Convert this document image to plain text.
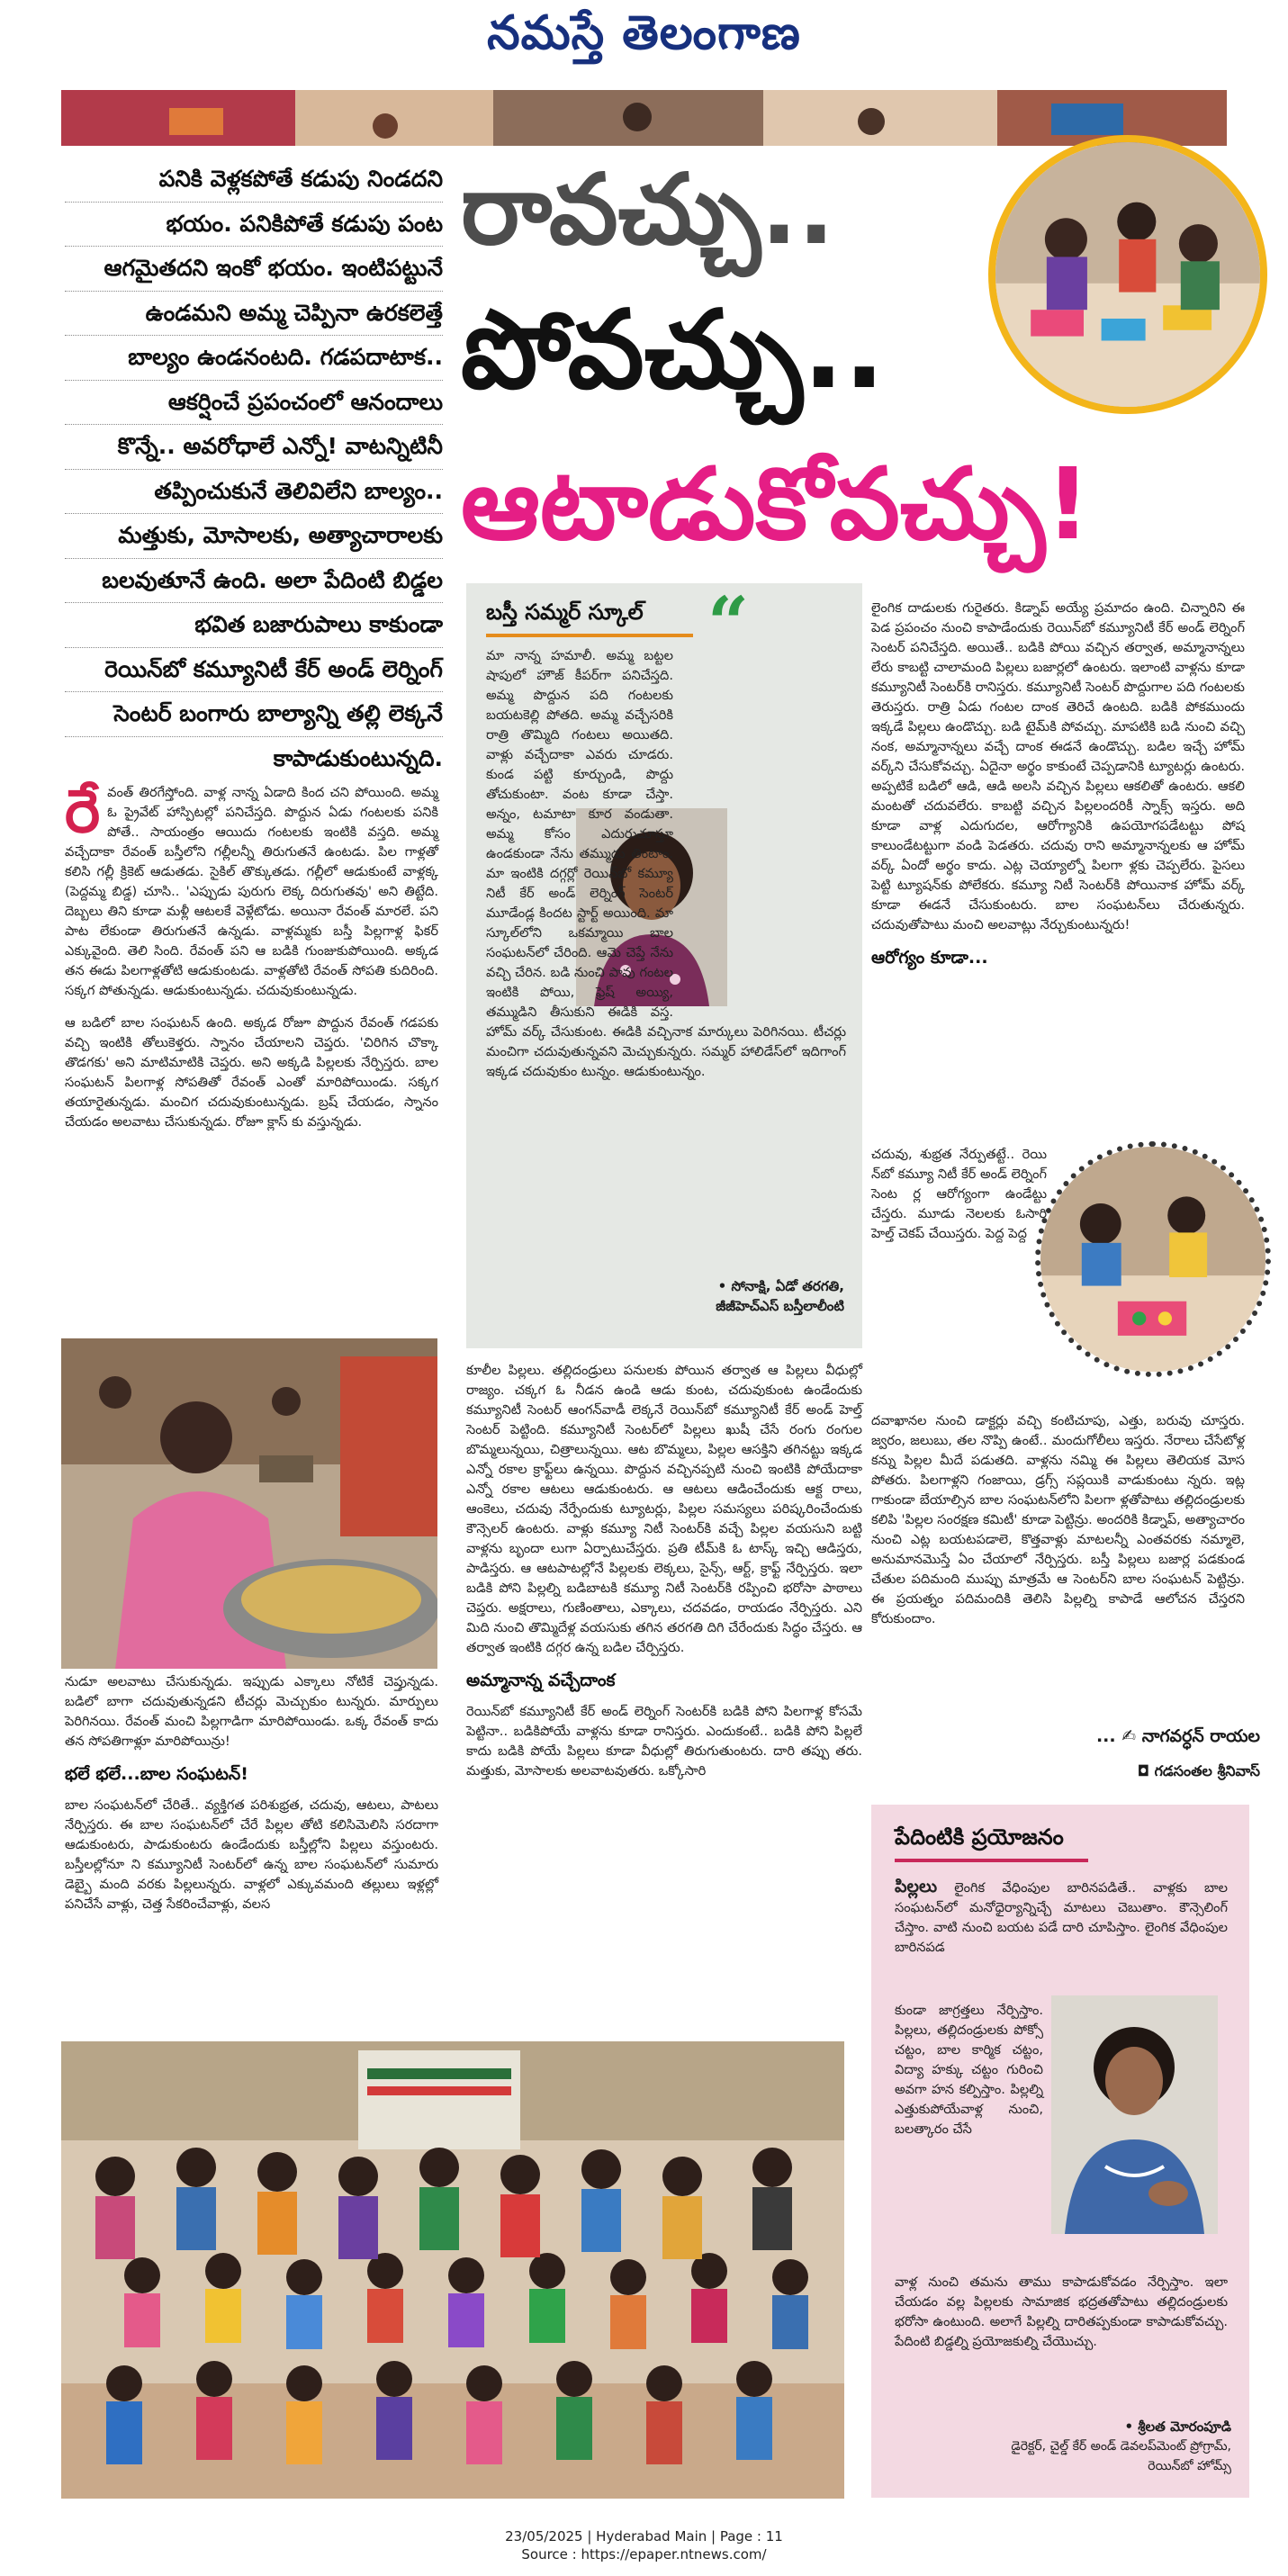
నమస్తే తెలంగాణ

పనికి వెళ్లకపోతే కడుపు నిండదని

భయం. పనికిపోతే కడుపు పంట

ఆగమైతదని ఇంకో భయం. ఇంటిపట్టునే

ఉండమని అమ్మ చెప్పినా ఉరకలెత్తే

బాల్యం ఉండనంటది. గడపదాటాక..

ఆకర్షించే ప్రపంచంలో ఆనందాలు

కొన్నే.. అవరోధాలే ఎన్నో! వాటన్నిటినీ

తప్పించుకునే తెలివిలేని బాల్యం..

మత్తుకు, మోసాలకు, అత్యాచారాలకు

బలవుతూనే ఉంది. అలా పేదింటి బిడ్డల

భవిత బజారుపాలు కాకుండా

రెయిన్‌బో కమ్యూనిటీ కేర్ అండ్ లెర్నింగ్

సెంటర్ బంగారు బాల్యాన్ని తల్లి లెక్కనే

కాపాడుకుంటున్నది.

రావచ్చు..
పోవచ్చు..
ఆటాడుకోవచ్చు!

రేవంత్ తిరగేస్తోంది. వాళ్ల నాన్న ఏడాది కింద చని పోయింది. అమ్మ ఓ ప్రైవేట్ హాస్పిటల్లో పనిచేస్తది. పొద్దున ఏడు గంటలకు పనికి పోతే.. సాయంత్రం ఆయిదు గంటలకు ఇంటికి వస్తది. అమ్మ వచ్చేదాకా రేవంత్ బస్తీలోని గల్లీలన్నీ తిరుగుతనే ఉంటడు. పిల గాళ్లతో కలిసి గల్లీ క్రికెట్ ఆడుతడు. సైకిల్ తొక్కుతడు. గల్లీలో ఆడుకుంటే వాళ్లక్క (పెద్దమ్మ బిడ్డ) చూసి.. 'ఎప్పుడు పురుగు లెక్క దిరుగుతవు' అని తిట్టేది. దెబ్బలు తిని కూడా మళ్లీ ఆటలకే వెళ్లేటోడు. అయినా రేవంత్ మారలే. పని పాట లేకుండా తిరుగుతనే ఉన్నడు. వాళ్లమ్మకు బస్తీ పిల్లగాళ్ల ఫికర్ ఎక్కువైంది. తెలి సింది. రేవంత్ పని ఆ బడికి గుంజుకుపోయింది. అక్కడ తన ఈడు పిలగాళ్లతోటి ఆడుకుంటడు. వాళ్లతోటి రేవంత్ సోపతి కుదిరింది. సక్కగ పోతున్నడు. ఆడుకుంటున్నడు. చదువుకుంటున్నడు.

ఆ బడిలో బాల సంఘటన్ ఉంది. అక్కడ రోజూ పొద్దున రేవంత్ గడపకు వచ్చి ఇంటికి తోలుకెళ్తరు. స్నానం చేయాలని చెప్తరు. 'చిరిగిన చొక్కా తొడగకు' అని మాటిమాటికి చెప్తరు. అని అక్కడి పిల్లలకు నేర్పిస్తరు. బాల సంఘటన్ పిలగాళ్ల సోపతితో రేవంత్ ఎంతో మారిపోయిండు. సక్కగ తయారైతున్నడు. మంచిగ చదువుకుంటున్నడు. బ్రష్ చేయడం, స్నానం చేయడం అలవాటు చేసుకున్నడు. రోజూ క్లాస్ కు వస్తున్నడు.

నుడూ అలవాటు చేసుకున్నడు. ఇప్పుడు ఎక్కాలు నోటికే చెప్తున్నడు. బడిలో బాగా చదువుతున్నడని టీచర్లు మెచ్చుకుం టున్నరు. మార్పులు పెరిగినయి. రేవంత్ మంచి పిల్లగాడిగా మారిపోయిండు. ఒక్క రేవంత్ కాదు తన సోపతిగాళ్లూ మారిపోయిన్రు!

భలే భలే...బాల సంఘటన్!

బాల సంఘటన్‌లో చేరితే.. వ్యక్తిగత పరిశుభ్రత, చదువు, ఆటలు, పాటలు నేర్పిస్తరు. ఈ బాల సంఘటన్‌లో చేరే పిల్లల తోటి కలిసిమెలిసి సరదాగా ఆడుకుంటరు, పాడుకుంటరు ఉండేందుకు బస్తీల్లోని పిల్లలు వస్తుంటరు. బస్తీలల్లోనూ ని కమ్యూనిటీ సెంటర్‌లో ఉన్న బాల సంఘటన్‌లో సుమారు డెబ్బై మంది వరకు పిల్లలున్నరు. వాళ్లలో ఎక్కువమంది తల్లులు ఇళ్లల్లో పనిచేసే వాళ్లు, చెత్త సేకరించేవాళ్లు, వలస

బస్తీ సమ్మర్ స్కూల్ “

మా నాన్న హమాలీ. అమ్మ బట్టల షాపులో హౌజ్ కీపర్‌గా పనిచేస్తది. అమ్మ పొద్దున పది గంటలకు బయటకెల్లి పోతది. అమ్మ వచ్చేసరికి రాత్రి తొమ్మిది గంటలు అయితది. వాళ్లు వచ్చేదాకా ఎవరు చూడరు. కుండ పట్టి కూర్చుండి, పొద్దు తోచుకుంటా. వంట కూడా చేస్తా. అన్నం, టమాటా కూర వండుతా. అమ్మ కోసం ఎదురుచూస్తూ ఉండకుండా నేను తమ్ముడు తింటాం. మా ఇంటికి దగ్గర్లో రెయిన్‌బో కమ్యూ నిటీ కేర్ అండ్ లెర్నింగ్ సెంటర్ మూడేండ్ల కిందట స్టార్ట్ అయింది. మా స్కూల్‌లోని ఒకమ్మాయి బాల సంఘటన్‌లో చేరింది. ఆమె చెప్తే నేను వచ్చి చేరిన. బడి నుంచి పావు గంటల ఇంటికి పోయి, ఫ్రెష్ అయ్యి, తమ్ముడిని తీసుకుని ఈడికి వస్త. హోమ్ వర్క్ చేసుకుంట. ఈడికి వచ్చినాక మార్కులు పెరిగినయి. టీచర్లు మంచిగా చదువుతున్నవని మెచ్చుకున్నరు. సమ్మర్ హాలిడేస్‌లో ఇదిగాంగ్ ఇక్కడ చదువుకుం టున్నం. ఆడుకుంటున్నం.

• సోనాక్షి, ఏడో తరగతి,
జీజీహెచ్‌ఎస్ బస్తీలాలీంటి

కూలీల పిల్లలు. తల్లిదండ్రులు పనులకు పోయిన తర్వాత ఆ పిల్లలు వీధుల్లో రాజ్యం. చక్కగ ఓ నీడన ఉండి ఆడు కుంట, చదువుకుంట ఉండేందుకు కమ్యూనిటీ సెంటర్‌ ఆంగన్‌వాడీ లెక్కనే రెయిన్‌బో కమ్యూనిటీ కేర్ అండ్ హెల్త్ సెంటర్ పెట్టింది. కమ్యూనిటీ సెంటర్‌లో పిల్లలు ఖుషీ చేసే రంగు రంగుల బొమ్మలున్నయి, చిత్రాలున్నయి. ఆట బొమ్మలు, పిల్లల ఆసక్తిని తగినట్టు ఇక్కడ ఎన్నో రకాల క్రాఫ్ట్‌లు ఉన్నయి. పొద్దున వచ్చినప్పటి నుంచి ఇంటికి పోయేదాకా ఎన్నో రకాల ఆటలు ఆడుకుంటరు. ఆ ఆటలు ఆడించేందుకు ఆక్ట రాలు, ఆంకెలు, చదువు నేర్పేందుకు ట్యూటర్లు, పిల్లల సమస్యలు పరిష్కరించేందుకు కౌన్సెలర్ ఉంటరు. వాళ్లు కమ్యూ నిటీ సెంటర్‌కి వచ్చే పిల్లల వయసుని బట్టి వాళ్లను బృందా లుగా ఏర్పాటుచేస్తరు. ప్రతి టీమ్‌కి ఓ టాస్క్ ఇచ్చి ఆడిస్తరు, పాడిస్తరు. ఆ ఆటపాటల్లోనే పిల్లలకు లెక్కలు, సైన్స్, ఆర్ట్, క్రాఫ్ట్ నేర్పిస్తరు. ఇలా బడికి పోని పిల్లల్ని బడిబాటకి కమ్యూ నిటీ సెంటర్‌కి రప్పించి భరోసా పాఠాలు చెప్తరు. అక్షరాలు, గుణింతాలు, ఎక్కాలు, చదవడం, రాయడం నేర్పిస్తరు. ఎని మిది నుంచి తొమ్మిదేళ్ల వయసుకు తగిన తరగతి దిగి చేరేందుకు సిద్ధం చేస్తరు. ఆ తర్వాత ఇంటికి దగ్గర ఉన్న బడిల చేర్పిస్తరు.

అమ్మానాన్న వచ్చేదాంక

రెయిన్‌బో కమ్యూనిటీ కేర్ అండ్ లెర్నింగ్ సెంటర్‌కి బడికి పోని పిలగాళ్ల కోసమే పెట్టినా.. బడికిపోయే వాళ్లను కూడా రానిస్తరు. ఎందుకంటే.. బడికి పోని పిల్లలే కాదు బడికి పోయే పిల్లలు కూడా వీధుల్లో తిరుగుతుంటరు. దారి తప్పు తరు. మత్తుకు, మోసాలకు అలవాటవుతరు. ఒక్కోసారి

లైంగిక దాడులకు గురైతరు. కిడ్నాప్ అయ్యే ప్రమాదం ఉంది. చిన్నారిని ఈ పెడ ప్రపంచం నుంచి కాపాడేందుకు రెయిన్‌బో కమ్యూనిటీ కేర్ అండ్ లెర్నింగ్ సెంటర్ పనిచేస్తది. అయితే.. బడికి పోయి వచ్చిన తర్వాత, అమ్మానాన్నలు లేరు కాబట్టి చాలామంది పిల్లలు బజార్లలో ఉంటరు. ఇలాంటి వాళ్లను కూడా కమ్యూనిటీ సెంటర్‌కి రానిస్తరు. కమ్యూనిటీ సెంటర్ పొద్దుగాల పది గంటలకు తెరుస్తరు. రాత్రి ఏడు గంటల దాంక తెరిచే ఉంటది. బడికి పోకముందు ఇక్కడే పిల్లలు ఉండొచ్చు. బడి టైమ్‌కి పోవచ్చు. మాపటికి బడి నుంచి వచ్చి నంక, అమ్మానాన్నలు వచ్చే దాంక ఈడనే ఉండొచ్చు. బడిల ఇచ్చే హోమ్ వర్క్‌ని చేసుకోవచ్చు. ఏదైనా అర్థం కాకుంటే చెప్పడానికి ట్యూటర్లు ఉంటరు. అప్పటికే బడిలో ఆడి, ఆడి అలసి వచ్చిన పిల్లలు ఆకలితో ఉంటరు. ఆకలి మంటతో చదువలేరు. కాబట్టి వచ్చిన పిల్లలందరికీ స్నాక్స్ ఇస్తరు. అది కూడా వాళ్ల ఎదుగుదల, ఆరోగ్యానికి ఉపయోగపడేటట్టు పోష కాలుండేటట్టుగా వండి పెడతరు. చదువు రాని అమ్మానాన్నలకు ఆ హోమ్ వర్క్ ఏందో అర్థం కాదు. ఎట్ల చెయ్యాల్నో పిలగా ళ్లకు చెప్పలేరు. పైసలు పెట్టి ట్యూషన్‌కు పోలేకరు. కమ్యూ నిటీ సెంటర్‌కి పోయినాక హోమ్ వర్క్ కూడా ఈడనే చేసుకుంటరు. బాల సంఘటన్‌లు చేరుతున్నరు. చదువుతోపాటు మంచి అలవాట్లు నేర్చుకుంటున్నరు!

ఆరోగ్యం కూడా...

చదువు, శుభ్రత నేర్పుతట్టే.. రెయి న్‌బో కమ్యూ నిటీ కేర్ అండ్ లెర్నింగ్ సెంట ర్ల ఆరోగ్యంగా ఉండేట్టు చేస్తరు. మూడు నెలలకు ఓసారి హెల్త్ చెకప్ చేయిస్తరు. పెద్ద పెద్ద

దవాఖానల నుంచి డాక్టర్లు వచ్చి కంటిచూపు, ఎత్తు, బరువు చూస్తరు. జ్వరం, జలుబు, తల నొప్పి ఉంటే.. మందుగోలీలు ఇస్తరు. నేరాలు చేసేటోళ్ల కన్ను పిల్లల మీదే పడుతది. వాళ్లను నమ్మి ఈ పిల్లలు తెలియక మోస పోతరు. పిలగాళ్లని గంజాయి, డ్రగ్స్ సప్లయికి వాడుకుంటు న్నరు. ఇట్ల గాకుండా బేయాల్సిన బాల సంఘటన్‌లోని పిలగా ళ్లతోపాటు తల్లిదండ్రులకు కలిపి 'పిల్లల సంరక్షణ కమిటీ' కూడా పెట్టిన్రు. అందరికి కిడ్నాప్, అత్యాచారం నుంచి ఎట్ల బయటపడాలె, కొత్తవాళ్లు మాటలన్నీ ఎంతవరకు నమ్మాలె, అనుమానమొస్తే ఏం చేయాలో నేర్పిస్తరు. బస్తీ పిల్లలు బజార్ల పడకుండ చేతుల పదిమంది ముప్పు మాత్రమే ఆ సెంటర్‌ని బాల సంఘటన్ పెట్టిన్రు. ఈ ప్రయత్నం పదిమందికి తెలిసి పిల్లల్ని కాపాడే ఆలోచన చేస్తరని కోరుకుందాం.

... ✍ నాగవర్ధన్ రాయల
◘ గడసంతల శ్రీనివాస్
పేదింటికి ప్రయోజనం

పిల్లలు లైంగిక వేధింపుల బారినపడితే.. వాళ్లకు బాల సంఘటన్‌లో మనోధైర్యాన్నిచ్చే మాటలు చెబుతాం. కౌన్సెలింగ్ చేస్తాం. వాటి నుంచి బయట పడే దారి చూపిస్తాం. లైంగిక వేధింపుల బారినపడ

కుండా జాగ్రత్తలు నేర్పిస్తాం. పిల్లలు, తల్లిదండ్రులకు పోక్సో చట్టం, బాల కార్మిక చట్టం, విద్యా హక్కు చట్టం గురించి అవగా హన కల్పిస్తాం. పిల్లల్ని ఎత్తుకుపోయేవాళ్ల నుంచి, బలత్కారం చేసే

వాళ్ల నుంచి తమను తాము కాపాడుకోవడం నేర్పిస్తాం. ఇలా చేయడం వల్ల పిల్లలకు సామాజిక భద్రతతోపాటు తల్లిదండ్రులకు భరోసా ఉంటుంది. అలాగే పిల్లల్ని దారితప్పకుండా కాపాడుకోవచ్చు. పేదింటి బిడ్డల్ని ప్రయోజకుల్ని చేయొచ్చు.

• శ్రీలత మోరంపూడి
డైరెక్టర్, చైల్డ్ కేర్ అండ్ డెవలప్‌మెంట్ ప్రోగ్రామ్,
రెయిన్‌బో హోమ్స్
23/05/2025 | Hyderabad Main | Page : 11
Source : https://epaper.ntnews.com/
